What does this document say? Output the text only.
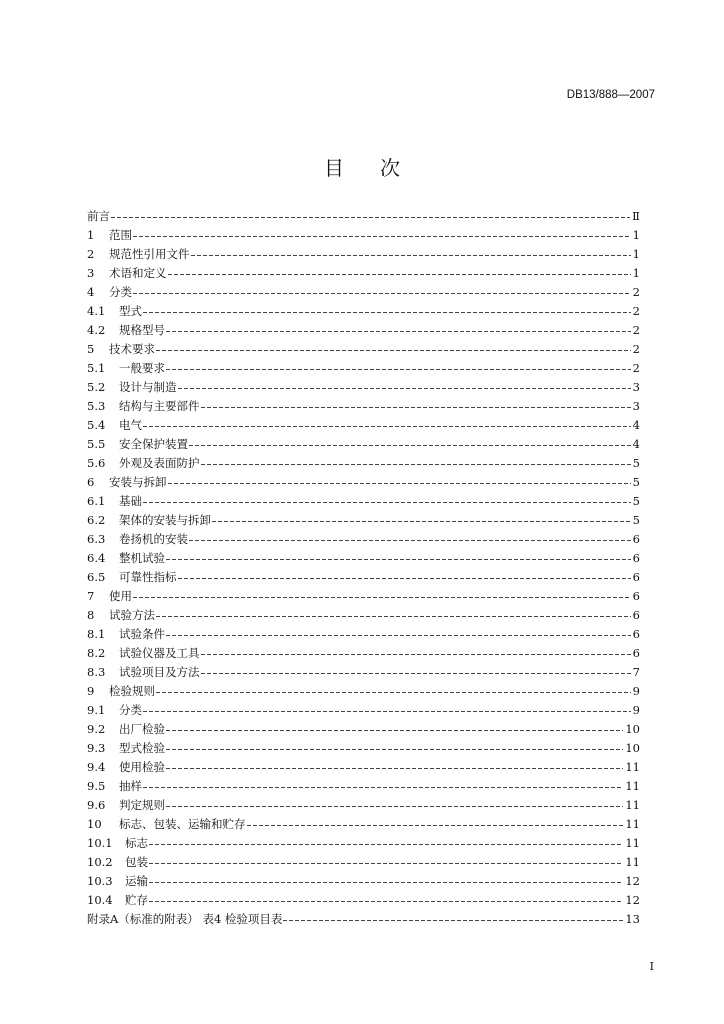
DB13/888—2007
目 次
前言	Ⅱ
1 范围	1
2 规范性引用文件	1
3 术语和定义	1
4 分类	2
4.1 型式	2
4.2 规格型号	2
5 技术要求	2
5.1 一般要求	2
5.2 设计与制造	3
5.3 结构与主要部件	3
5.4 电气	4
5.5 安全保护装置	4
5.6 外观及表面防护	5
6 安装与拆卸	5
6.1 基础	5
6.2 架体的安装与拆卸	5
6.3 卷扬机的安装	6
6.4 整机试验	6
6.5 可靠性指标	6
7 使用	6
8 试验方法	6
8.1 试验条件	6
8.2 试验仪器及工具	6
8.3 试验项目及方法	7
9 检验规则	9
9.1 分类	9
9.2 出厂检验	10
9.3 型式检验	10
9.4 使用检验	11
9.5 抽样	11
9.6 判定规则	11
10 标志、包装、运输和贮存	11
10.1 标志	11
10.2 包装	11
10.3 运输	12
10.4 贮存	12
附录A（标准的附表） 表4 检验项目表	13
I
